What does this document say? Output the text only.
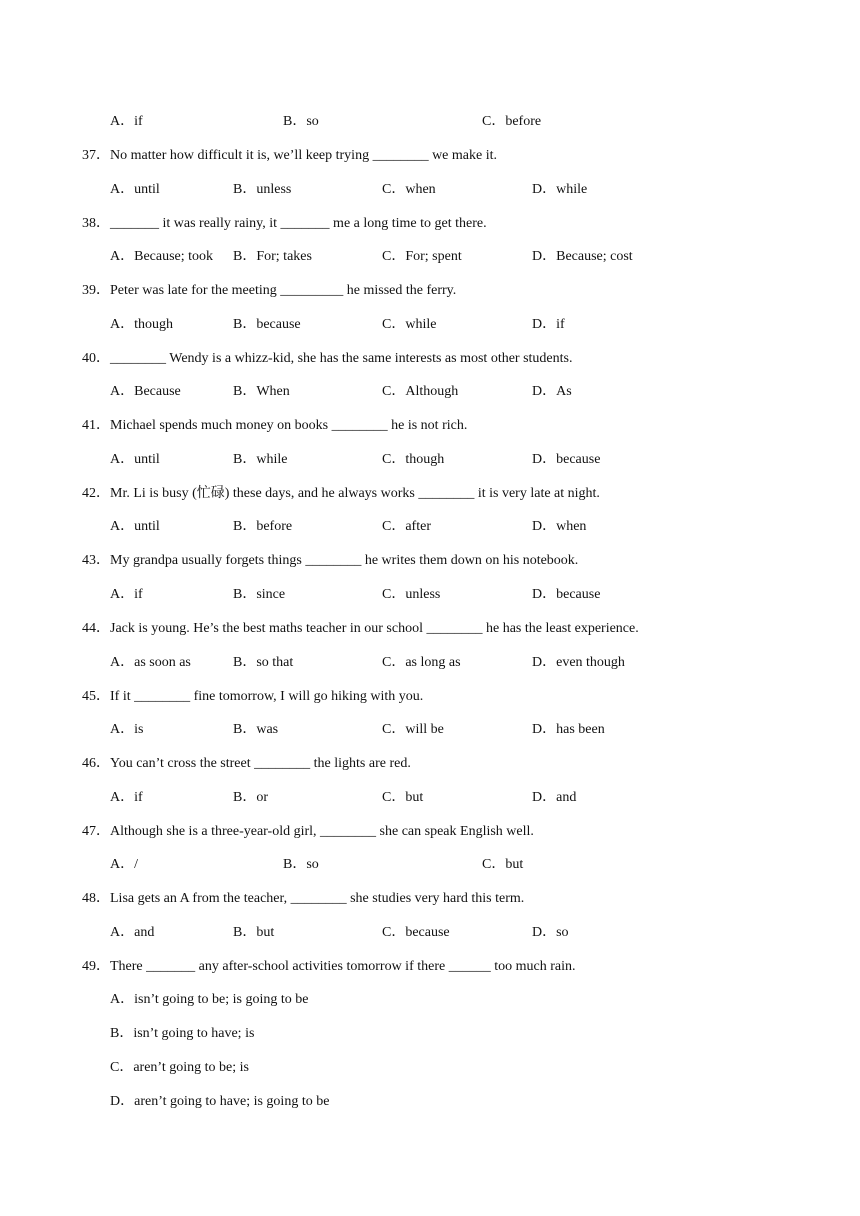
A．if	B．so	C．before
37．No matter how difficult it is, we’ll keep trying ________ we make it.
A．until	B．unless	C．when	D．while
38．_______ it was really rainy, it _______ me a long time to get there.
A．Because; took B．For; takes	C．For; spent	D．Because; cost
39．Peter was late for the meeting _________ he missed the ferry.
A．though	B．because	C．while	D．if
40．________ Wendy is a whizz-kid, she has the same interests as most other students.
A．Because	B．When	C．Although	D．As
41．Michael spends much money on books ________ he is not rich.
A．until	B．while	C．though	D．because
42．Mr. Li is busy (忙碌) these days, and he always works ________ it is very late at night.
A．until	B．before	C．after	D．when
43．My grandpa usually forgets things ________ he writes them down on his notebook.
A．if	B．since	C．unless	D．because
44．Jack is young. He’s the best maths teacher in our school ________ he has the least experience.
A．as soon as	B．so that	C．as long as	D．even though
45．If it ________ fine tomorrow, I will go hiking with you.
A．is	B．was	C．will be	D．has been
46．You can’t cross the street ________ the lights are red.
A．if	B．or	C．but	D．and
47．Although she is a three-year-old girl, ________ she can speak English well.
A．/	B．so	C．but
48．Lisa gets an A from the teacher, ________ she studies very hard this term.
A．and	B．but	C．because	D．so
49．There _______ any after-school activities tomorrow if there ______ too much rain.
A．isn’t going to be; is going to be
B．isn’t going to have; is
C．aren’t going to be; is
D．aren’t going to have; is going to be
